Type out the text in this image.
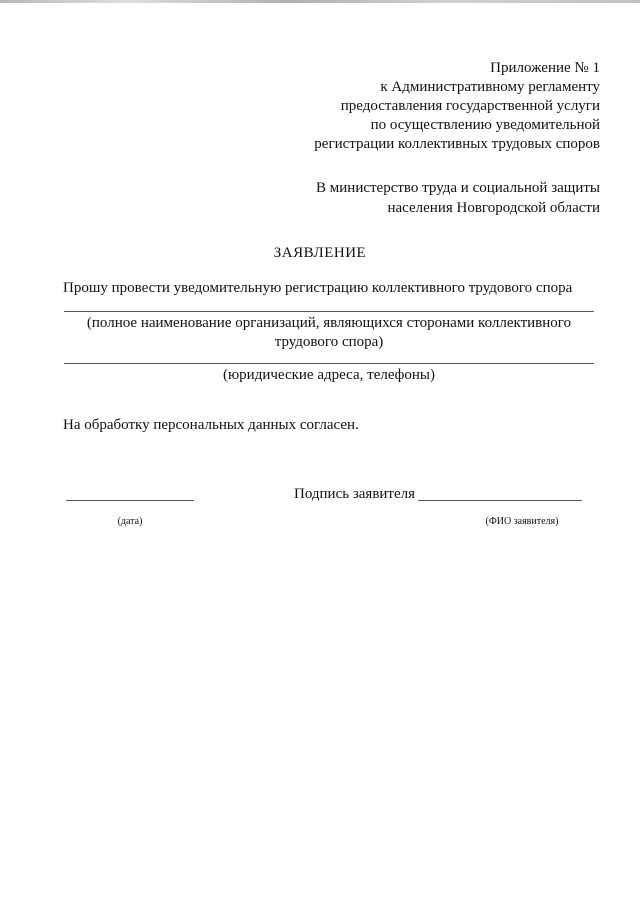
Приложение № 1
к Административному регламенту
предоставления государственной услуги
по осуществлению уведомительной
регистрации коллективных трудовых споров
В министерство труда и социальной защиты
населения Новгородской области
ЗАЯВЛЕНИЕ
Прошу провести уведомительную регистрацию коллективного трудового спора
(полное наименование организаций, являющихся сторонами коллективного
трудового спора)
(юридические адреса, телефоны)
На обработку персональных данных согласен.
(дата)
Подпись заявителя
(ФИО заявителя)
